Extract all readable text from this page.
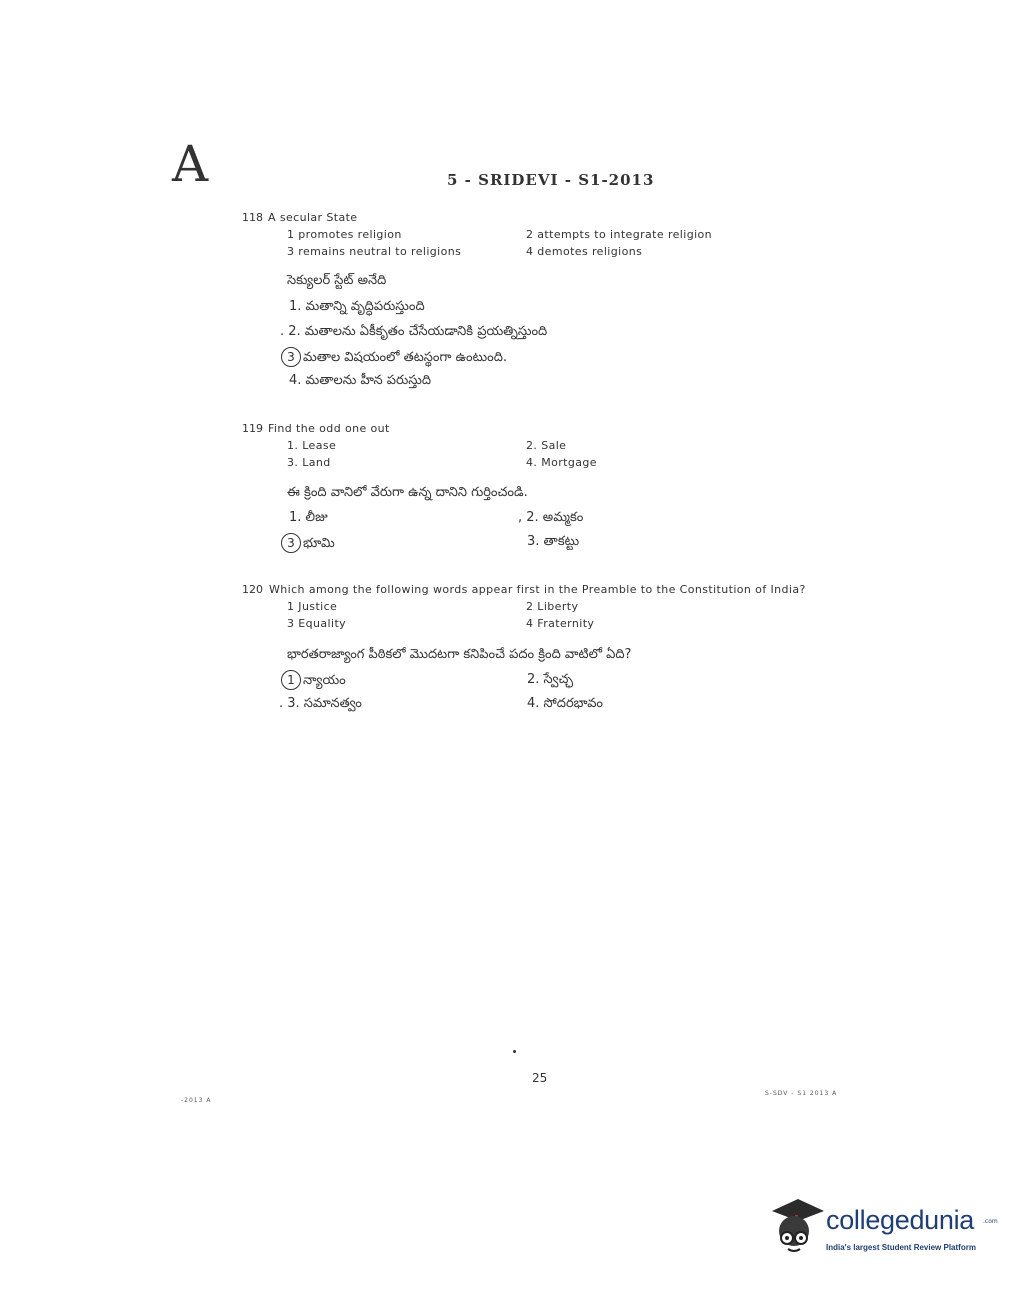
A	5 - SRIDEVI - S1-2013
118 A secular State
1 promotes religion	2 attempts to integrate religion
3 remains neutral to religions	4 demotes religions
సెక్యులర్ స్టేట్ అనేది
1. మతాన్ని వృద్ధిపరుస్తుంది
. 2. మతాలను ఏకీకృతం చేసేయడానికి ప్రయత్నిస్తుంది
3 మతాల విషయంలో తటస్థంగా ఉంటుంది.
4. మతాలను హీన పరుస్తుది
119 Find the odd one out
1. Lease	2. Sale
3. Land	4. Mortgage
ఈ క్రింది వానిలో వేరుగా ఉన్న దానిని గుర్తించండి.
1. లీజు	, 2. అమ్మకం
3 భూమి	3. తాకట్టు
120 Which among the following words appear first in the Preamble to the Constitution of India?
1 Justice	2 Liberty
3 Equality	4 Fraternity
భారతరాజ్యాంగ పీఠికలో మొదటగా కనిపించే పదం క్రింది వాటిలో ఏది?
1 న్యాయం	2. స్వేచ్ఛ
. 3. సమానత్వం	4. సోదరభావం
25
-2013 A
S-SDV - S1 2013 A
collegedunia .com
India's largest Student Review Platform
